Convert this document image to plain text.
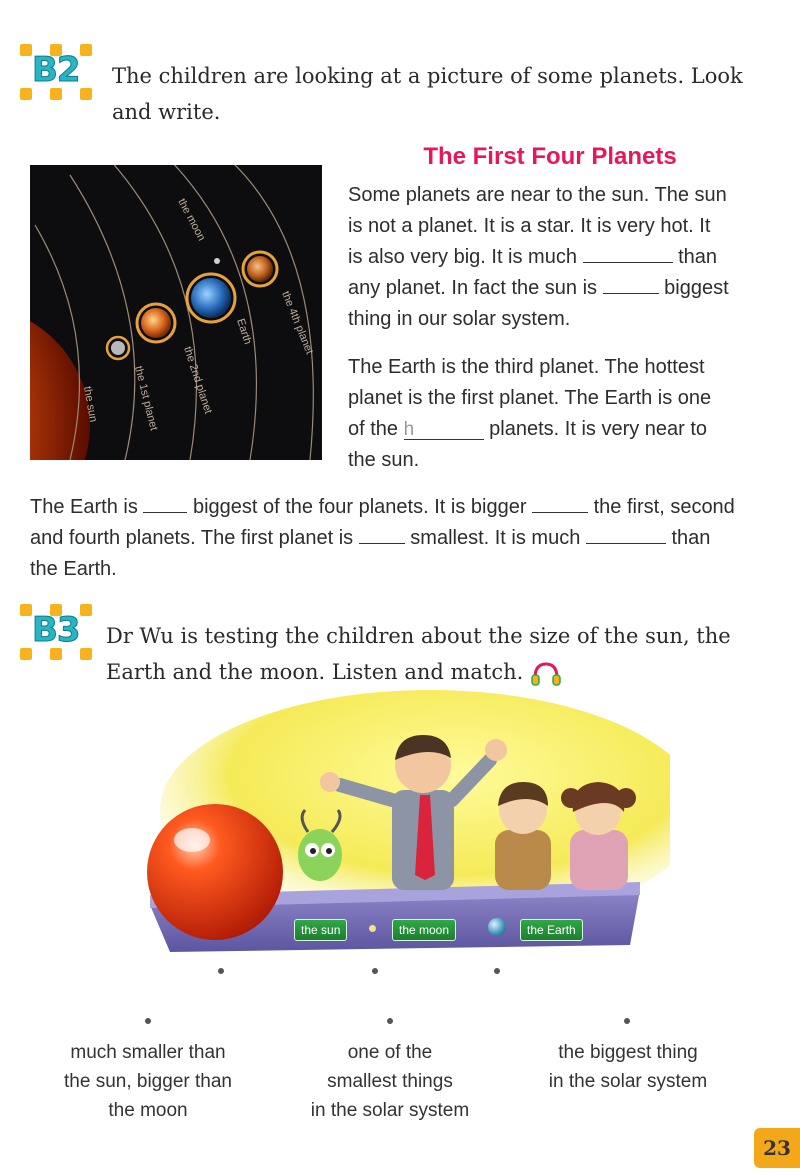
B2	The children are looking at a picture of some planets. Look and write.
the moon
Earth the 4th planet
the 2nd planet
the 1st planet
the sun
The First Four Planets
Some planets are near to the sun. The sun
is not a planet. It is a star. It is very hot. It
is also very big. It is much	than
any planet. In fact the sun is	biggest
thing in our solar system.
The Earth is the third planet. The hottest
planet is the first planet. The Earth is one
of the h	planets. It is very near to
the sun.
The Earth is	biggest of the four planets. It is bigger	the first, second
and fourth planets. The first planet is	smallest. It is much	than
the Earth.
B3	Dr Wu is testing the children about the size of the sun, the Earth and the moon. Listen and match.
the sun	the moon	the Earth
much smaller than
the sun, bigger than
the moon
one of the
smallest things
in the solar system
the biggest thing
in the solar system
23
